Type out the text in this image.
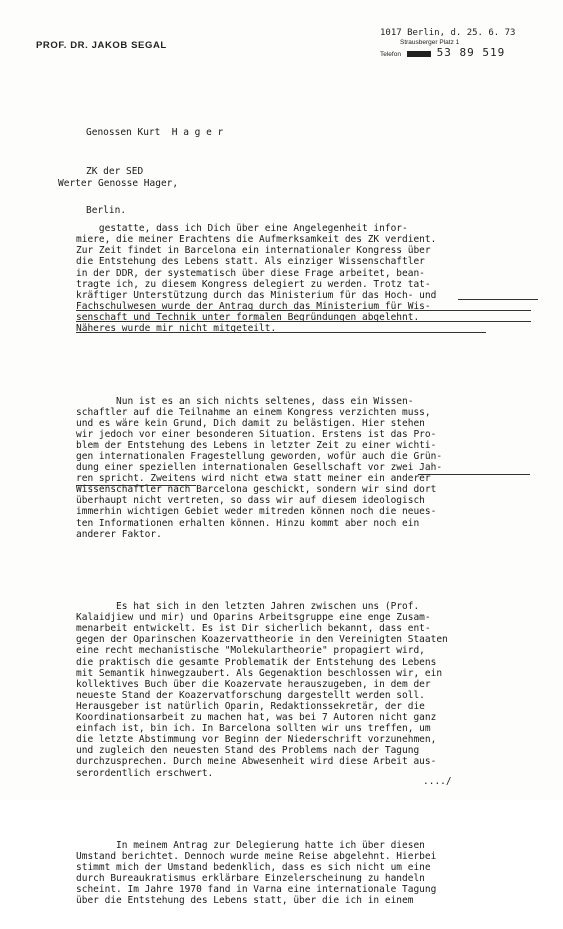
PROF. DR. JAKOB SEGAL
1017 Berlin, d. 25. 6. 73
Strausberger Platz 1
Telefon	53 89 519

Genossen Kurt  H a g e r

ZK der SED

Berlin.

Werter Genosse Hager,

gestatte, dass ich Dich über eine Angelegenheit infor-
miere, die meiner Erachtens die Aufmerksamkeit des ZK verdient.
Zur Zeit findet in Barcelona ein internationaler Kongress über
die Entstehung des Lebens statt. Als einziger Wissenschaftler
in der DDR, der systematisch über diese Frage arbeitet, bean-
tragte ich, zu diesem Kongress delegiert zu werden. Trotz tat-
kräftiger Unterstützung durch das Ministerium für das Hoch- und
Fachschulwesen wurde der Antrag durch das Ministerium für Wis-
senschaft und Technik unter formalen Begründungen abgelehnt.
Näheres wurde mir nicht mitgeteilt.

Nun ist es an sich nichts seltenes, dass ein Wissen-
schaftler auf die Teilnahme an einem Kongress verzichten muss,
und es wäre kein Grund, Dich damit zu belästigen. Hier stehen
wir jedoch vor einer besonderen Situation. Erstens ist das Pro-
blem der Entstehung des Lebens in letzter Zeit zu einer wichti-
gen internationalen Fragestellung geworden, wofür auch die Grün-
dung einer speziellen internationalen Gesellschaft vor zwei Jah-
ren spricht. Zweitens wird nicht etwa statt meiner ein anderer
Wissenschaftler nach Barcelona geschickt, sondern wir sind dort
überhaupt nicht vertreten, so dass wir auf diesem ideologisch
immerhin wichtigen Gebiet weder mitreden können noch die neues-
ten Informationen erhalten können. Hinzu kommt aber noch ein
anderer Faktor.

Es hat sich in den letzten Jahren zwischen uns (Prof.
Kalaidjiew und mir) und Oparins Arbeitsgruppe eine enge Zusam-
menarbeit entwickelt. Es ist Dir sicherlich bekannt, dass ent-
gegen der Oparinschen Koazervattheorie in den Vereinigten Staaten
eine recht mechanistische "Molekulartheorie" propagiert wird,
die praktisch die gesamte Problematik der Entstehung des Lebens
mit Semantik hinwegzaubert. Als Gegenaktion beschlossen wir, ein
kollektives Buch über die Koazervate herauszugeben, in dem der
neueste Stand der Koazervatforschung dargestellt werden soll.
Herausgeber ist natürlich Oparin, Redaktionssekretär, der die
Koordinationsarbeit zu machen hat, was bei 7 Autoren nicht ganz
einfach ist, bin ich. In Barcelona sollten wir uns treffen, um
die letzte Abstimmung vor Beginn der Niederschrift vorzunehmen,
und zugleich den neuesten Stand des Problems nach der Tagung
durchzusprechen. Durch meine Abwesenheit wird diese Arbeit aus-
serordentlich erschwert.

In meinem Antrag zur Delegierung hatte ich über diesen
Umstand berichtet. Dennoch wurde meine Reise abgelehnt. Hierbei
stimmt mich der Umstand bedenklich, dass es sich nicht um eine
durch Bureaukratismus erklärbare Einzelerscheinung zu handeln
scheint. Im Jahre 1970 fand in Varna eine internationale Tagung
über die Entstehung des Lebens statt, über die ich in einem

..../
